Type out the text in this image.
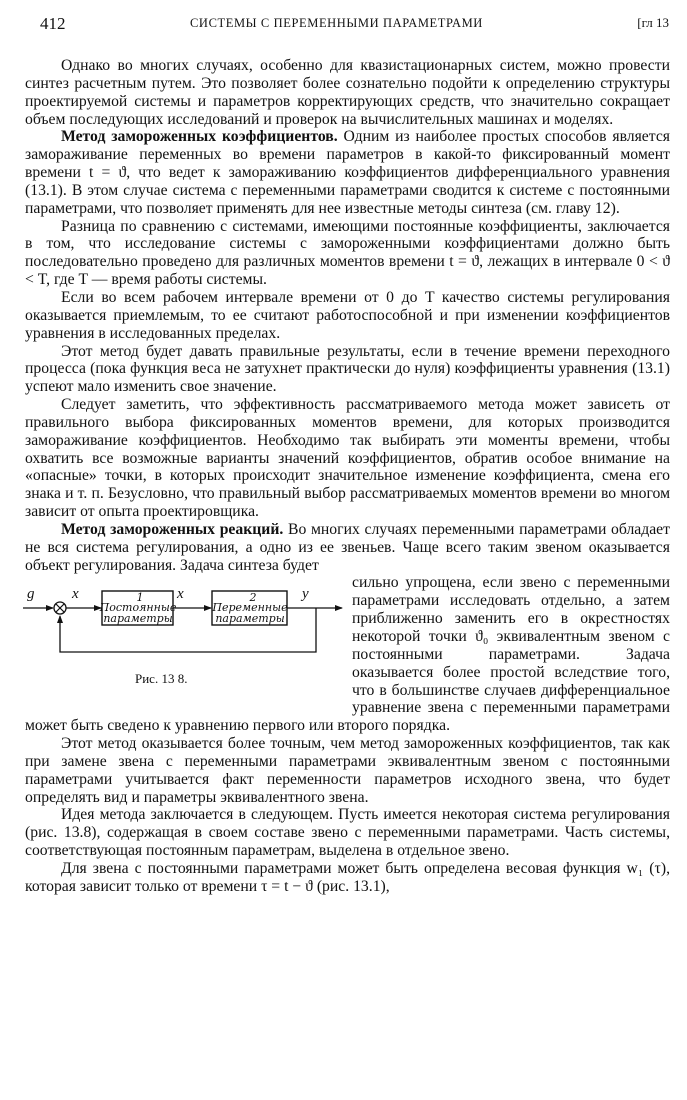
412	СИСТЕМЫ С ПЕРЕМЕННЫМИ ПАРАМЕТРАМИ	[гл 13

Однако во многих случаях, особенно для квазистационарных систем, можно провести синтез расчетным путем. Это позволяет более сознательно подойти к определению структуры проектируемой системы и параметров корректирующих средств, что значительно сокращает объем последующих исследований и проверок на вычислительных машинах и моделях.

Метод замороженных коэффициентов. Одним из наиболее простых способов является замораживание переменных во времени параметров в какой-то фиксированный момент времени t = ϑ, что ведет к замораживанию коэффициентов дифференциального уравнения (13.1). В этом случае система с переменными параметрами сводится к системе с постоянными параметрами, что позволяет применять для нее известные методы синтеза (см. главу 12).

Разница по сравнению с системами, имеющими постоянные коэффициенты, заключается в том, что исследование системы с замороженными коэффициентами должно быть последовательно проведено для различных моментов времени t = ϑ, лежащих в интервале 0 < ϑ < T, где T — время работы системы.

Если во всем рабочем интервале времени от 0 до T качество системы регулирования оказывается приемлемым, то ее считают работоспособной и при изменении коэффициентов уравнения в исследованных пределах.

Этот метод будет давать правильные результаты, если в течение времени переходного процесса (пока функция веса не затухнет практически до нуля) коэффициенты уравнения (13.1) успеют мало изменить свое значение.

Следует заметить, что эффективность рассматриваемого метода может зависеть от правильного выбора фиксированных моментов времени, для которых производится замораживание коэффициентов. Необходимо так выбирать эти моменты времени, чтобы охватить все возможные варианты значений коэффициентов, обратив особое внимание на «опасные» точки, в которых происходит значительное изменение коэффициента, смена его знака и т. п. Безусловно, что правильный выбор рассматриваемых моментов времени во многом зависит от опыта проектировщика.

Метод замороженных реакций. Во многих случаях переменными параметрами обладает не вся система регулирования, а одно из ее звеньев. Чаще всего таким звеном оказывается объект регулирования. Задача синтеза будет

g	x	1
Постоянные
параметры
x	2
Переменные
параметры
y
Рис. 13 8.

сильно упрощена, если звено с переменными параметрами исследовать отдельно, а затем приближенно заменить его в окрестностях некоторой точки ϑ₀ эквивалентным звеном с постоянными параметрами. Задача оказывается более простой вследствие того, что в большинстве случаев дифференциальное уравнение звена с переменными параметрами может быть сведено к уравнению первого или второго порядка.

Этот метод оказывается более точным, чем метод замороженных коэффициентов, так как при замене звена с переменными параметрами эквивалентным звеном с постоянными параметрами учитывается факт переменности параметров исходного звена, что будет определять вид и параметры эквивалентного звена.

Идея метода заключается в следующем. Пусть имеется некоторая система регулирования (рис. 13.8), содержащая в своем составе звено с переменными параметрами. Часть системы, соответствующая постоянным параметрам, выделена в отдельное звено.

Для звена с постоянными параметрами может быть определена весовая функция w₁ (τ), которая зависит только от времени τ = t − ϑ (рис. 13.1),
